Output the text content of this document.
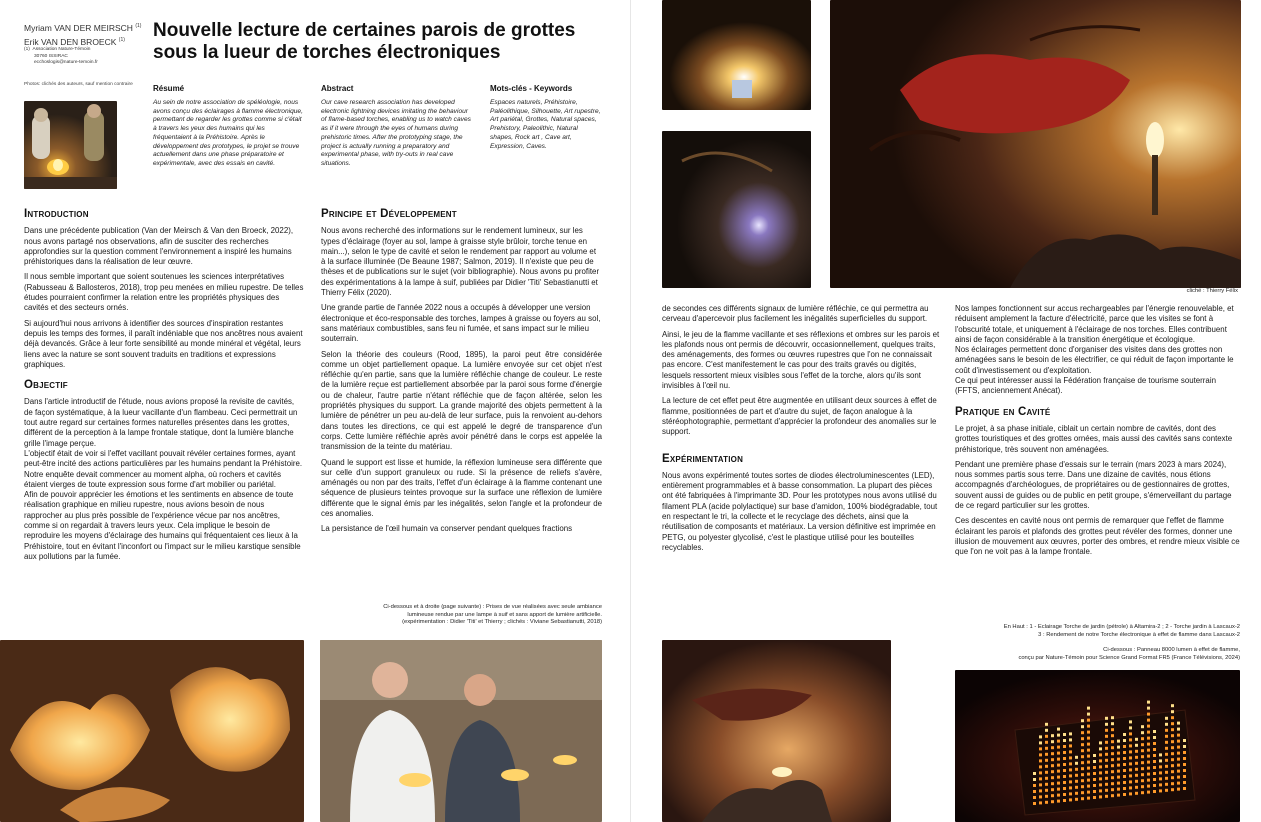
Myriam VAN DER MEIRSCH $^{(1)}$
Erik VAN DEN BROECK $^{(1)}$
(1) Association Nature-Témoin
30760 ISSIRAC
ecchoslogis@nature-temoin.fr
Photos: clichés des auteurs, sauf mention contraire
Nouvelle lecture de certaines parois de grottes sous la lueur de torches électroniques
Résumé
Au sein de notre association de spéléologie, nous avons conçu des éclairages à flamme électronique, permettant de regarder les grottes comme si c'était à travers les yeux des humains qui les fréquentaient à la Préhistoire. Après le développement des prototypes, le projet se trouve actuellement dans une phase préparatoire et expérimentale, avec des essais en cavité.
Abstract
Our cave research association has developed electronic lightning devices imitating the behaviour of flame-based torches, enabling us to watch caves as if it were through the eyes of humans during prehistoric times. After the prototyping stage, the project is actually running a preparatory and experimental phase, with try-outs in real cave situations.
Mots-clés - Keywords
Espaces naturels, Préhistoire, Paléolithique, Silhouette, Art rupestre, Art pariétal, Grottes, Natural spaces, Prehistory, Paleolithic, Natural shapes, Rock art , Cave art, Expression, Caves.
Introduction

Dans une précédente publication (Van der Meirsch & Van den Broeck, 2022), nous avons partagé nos observations, afin de susciter des recherches approfondies sur la question comment l'environnement a inspiré les humains préhistoriques dans la réalisation de leur œuvre.

Il nous semble important que soient soutenues les sciences interprétatives (Rabusseau & Ballosteros, 2018), trop peu menées en milieu rupestre. De telles études pourraient confirmer la relation entre les propriétés physiques des cavités et des secteurs ornés.

Si aujourd'hui nous arrivons à identifier des sources d'inspiration restantes depuis les temps des formes, il paraît indéniable que nos ancêtres nous avaient déjà devancés. Grâce à leur forte sensibilité au monde minéral et végétal, leurs liens avec la nature se sont souvent traduits en traditions et expressions graphiques.

Objectif

Dans l'article introductif de l'étude, nous avions proposé la revisite de cavités, de façon systématique, à la lueur vacillante d'un flambeau. Ceci permettrait un tout autre regard sur certaines formes naturelles présentes dans les grottes, différent de la perception à la lampe frontale statique, dont la lumière blanche grille l'image perçue.

L'objectif était de voir si l'effet vacillant pouvait révéler certaines formes, ayant peut-être incité des actions particulières par les humains pendant la Préhistoire.

Notre enquête devait commencer au moment alpha, où rochers et cavités étaient vierges de toute expression sous forme d'art mobilier ou pariétal.

Afin de pouvoir apprécier les émotions et les sentiments en absence de toute réalisation graphique en milieu rupestre, nous avions besoin de nous rapprocher au plus près possible de l'expérience vécue par nos ancêtres, comme si on regardait à travers leurs yeux. Cela implique le besoin de reproduire les moyens d'éclairage des humains qui fréquentaient ces lieux à la Préhistoire, tout en évitant l'inconfort ou l'impact sur le milieu karstique sensible aux pollutions par la fumée.

Principe et Développement

Nous avons recherché des informations sur le rendement lumineux, sur les types d'éclairage (foyer au sol, lampe à graisse style brûloir, torche tenue en main...), selon le type de cavité et selon le rendement par rapport au volume et à la surface illuminée (De Beaune 1987; Salmon, 2019). Il n'existe que peu de thèses et de publications sur le sujet (voir bibliographie). Nous avons pu profiter des expérimentations à la lampe à suif, publiées par Didier 'Titi' Sebastianutti et Thierry Félix (2020).

Une grande partie de l'année 2022 nous a occupés à développer une version électronique et éco-responsable des torches, lampes à graisse ou foyers au sol, sans matériaux combustibles, sans feu ni fumée, et sans impact sur le milieu souterrain.

Selon la théorie des couleurs (Rood, 1895), la paroi peut être considérée comme un objet partiellement opaque. La lumière envoyée sur cet objet n'est réfléchie qu'en partie, sans que la lumière réfléchie change de couleur. Le reste de la lumière reçue est partiellement absorbée par la paroi sous forme d'énergie ou de chaleur, l'autre partie n'étant réfléchie que de façon altérée, selon les propriétés physiques du support. La grande majorité des objets permettent à la lumière de pénétrer un peu au-delà de leur surface, puis la renvoient au-dehors dans toutes les directions, ce qui est appelé le degré de transparence d'un corps. Cette lumière réfléchie après avoir pénétré dans le corps est appelée la transmission de la teinte du matériau.

Quand le support est lisse et humide, la réflexion lumineuse sera différente que sur celle d'un support granuleux ou rude. Si la présence de reliefs s'avère, aménagés ou non par des traits, l'effet d'un éclairage à la flamme contenant une séquence de plusieurs teintes provoque sur la surface une réflexion de lumière différente que le signal émis par les inégalités, selon l'angle et la profondeur de ces anomalies.

La persistance de l'œil humain va conserver pendant quelques fractions

Ci-dessous et à droite (page suivante) : Prises de vue réalisées avec seule ambiance
lumineuse rendue par une lampe à suif et sans apport de lumière artificielle.
(expérimentation : Didier 'Titi' et Thierry ; clichés : Viviane Sebastianutti, 2018)
cliché : Thierry Félix

de secondes ces différents signaux de lumière réfléchie, ce qui permettra au cerveau d'apercevoir plus facilement les inégalités superficielles du support.

Ainsi, le jeu de la flamme vacillante et ses réflexions et ombres sur les parois et les plafonds nous ont permis de découvrir, occasionnellement, quelques traits, des aménagements, des formes ou œuvres rupestres que l'on ne connaissait pas encore. C'est manifestement le cas pour des traits gravés ou digités, lesquels ressortent mieux visibles sous l'effet de la torche, alors qu'ils sont invisibles à l'œil nu.

La lecture de cet effet peut être augmentée en utilisant deux sources à effet de flamme, positionnées de part et d'autre du sujet, de façon analogue à la stéréophotographie, permettant d'apprécier la profondeur des anomalies sur le support.

Expérimentation

Nous avons expérimenté toutes sortes de diodes électroluminescentes (LED), entièrement programmables et à basse consommation. La plupart des pièces ont été fabriquées à l'imprimante 3D. Pour les prototypes nous avons utilisé du filament PLA (acide polylactique) sur base d'amidon, 100% biodégradable, tout en respectant le tri, la collecte et le recyclage des déchets, ainsi que la réutilisation de composants et matériaux. La version définitive est imprimée en PETG, ou polyester glycolisé, c'est le plastique utilisé pour les bouteilles recyclables.

Nos lampes fonctionnent sur accus rechargeables par l'énergie renouvelable, et réduisent amplement la facture d'électricité, parce que les visites se font à l'obscurité totale, et uniquement à l'éclairage de nos torches. Elles contribuent ainsi de façon considérable à la transition énergétique et écologique.

Nos éclairages permettent donc d'organiser des visites dans des grottes non aménagées sans le besoin de les électrifier, ce qui réduit de façon importante le coût d'investissement ou d'exploitation.

Ce qui peut intéresser aussi la Fédération française de tourisme souterrain (FFTS, anciennement Anécat).

Pratique en Cavité

Le projet, à sa phase initiale, ciblait un certain nombre de cavités, dont des grottes touristiques et des grottes ornées, mais aussi des cavités sans contexte préhistorique, très souvent non aménagées.

Pendant une première phase d'essais sur le terrain (mars 2023 à mars 2024), nous sommes partis sous terre. Dans une dizaine de cavités, nous étions accompagnés d'archéologues, de propriétaires ou de gestionnaires de grottes, souvent aussi de guides ou de public en petit groupe, s'émerveillant du partage de ce regard particulier sur les grottes.

Ces descentes en cavité nous ont permis de remarquer que l'effet de flamme éclairant les parois et plafonds des grottes peut révéler des formes, donner une illusion de mouvement aux œuvres, porter des ombres, et rendre mieux visible ce que l'on ne voit pas à la lampe frontale.

En Haut : 1 - Eclairage Torche de jardin (pétrole) à Altamira-2 ; 2 - Torche jardin à Lascaux-2
3 : Rendement de notre Torche électronique à effet de flamme dans Lascaux-2
Ci-dessous : Panneau 8000 lumen à effet de flamme,
conçu par Nature-Témoin pour Science Grand Format FR5 (France Télévisions, 2024)
